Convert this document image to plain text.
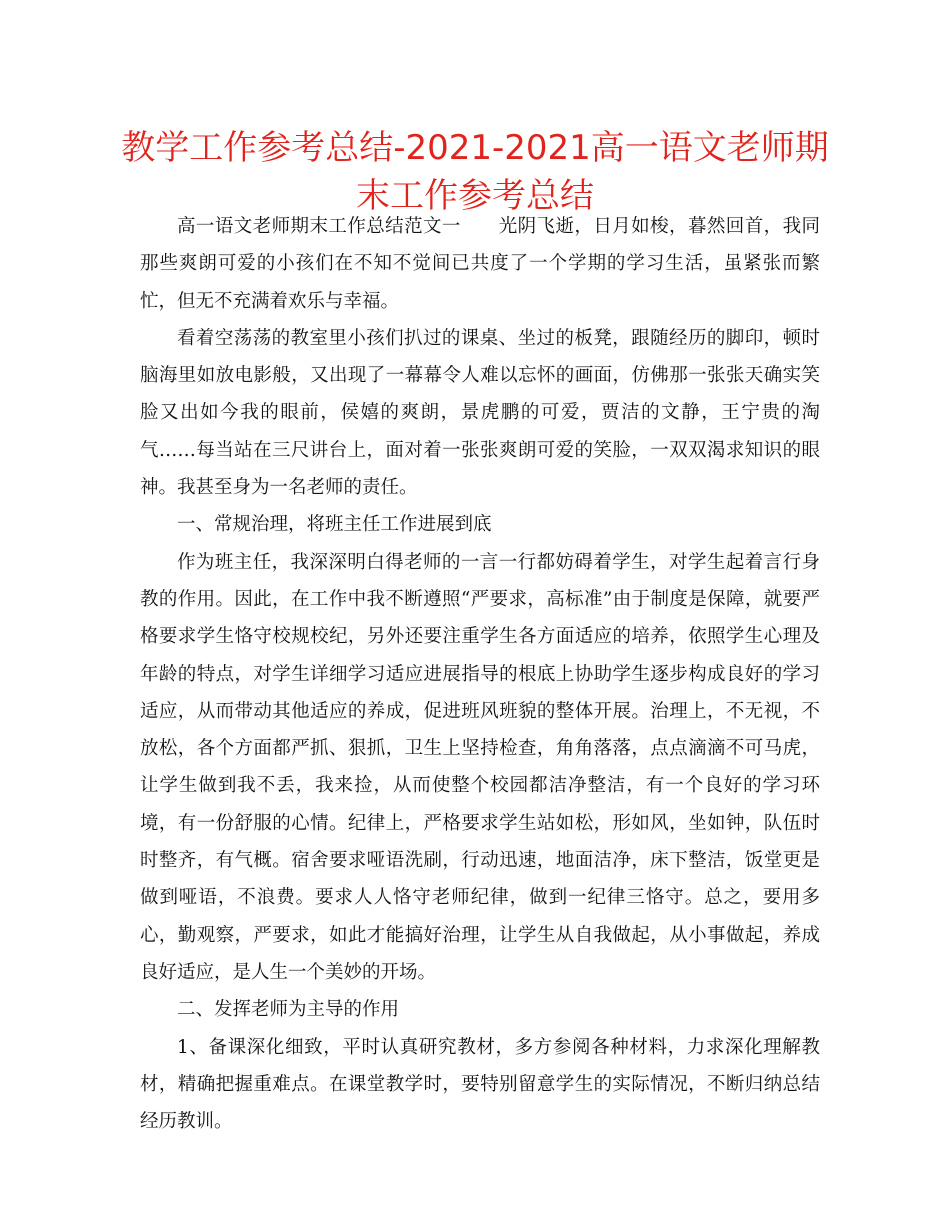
教学工作参考总结-2021-2021高一语文老师期末工作参考总结

高一语文老师期末工作总结范文一　　光阴飞逝，日月如梭，暮然回首，我同那些爽朗可爱的小孩们在不知不觉间已共度了一个学期的学习生活，虽紧张而繁忙，但无不充满着欢乐与幸福。

看着空荡荡的教室里小孩们扒过的课桌、坐过的板凳，跟随经历的脚印，顿时脑海里如放电影般，又出现了一幕幕令人难以忘怀的画面，仿佛那一张张天确实笑脸又出如今我的眼前，侯嬉的爽朗，景虎鹏的可爱，贾洁的文静，王宁贵的淘气……每当站在三尺讲台上，面对着一张张爽朗可爱的笑脸，一双双渴求知识的眼神。我甚至身为一名老师的责任。

一、常规治理，将班主任工作进展到底

作为班主任，我深深明白得老师的一言一行都妨碍着学生，对学生起着言行身教的作用。因此，在工作中我不断遵照“严要求，高标准”由于制度是保障，就要严格要求学生恪守校规校纪，另外还要注重学生各方面适应的培养，依照学生心理及年龄的特点，对学生详细学习适应进展指导的根底上协助学生逐步构成良好的学习适应，从而带动其他适应的养成，促进班风班貌的整体开展。治理上，不无视，不放松，各个方面都严抓、狠抓，卫生上坚持检查，角角落落，点点滴滴不可马虎，让学生做到我不丢，我来捡，从而使整个校园都洁净整洁，有一个良好的学习环境，有一份舒服的心情。纪律上，严格要求学生站如松，形如风，坐如钟，队伍时时整齐，有气概。宿舍要求哑语洗刷，行动迅速，地面洁净，床下整洁，饭堂更是做到哑语，不浪费。要求人人恪守老师纪律，做到一纪律三恪守。总之，要用多心，勤观察，严要求，如此才能搞好治理，让学生从自我做起，从小事做起，养成良好适应，是人生一个美妙的开场。

二、发挥老师为主导的作用

1、备课深化细致，平时认真研究教材，多方参阅各种材料，力求深化理解教材，精确把握重难点。在课堂教学时，要特别留意学生的实际情况，不断归纳总结经历教训。
